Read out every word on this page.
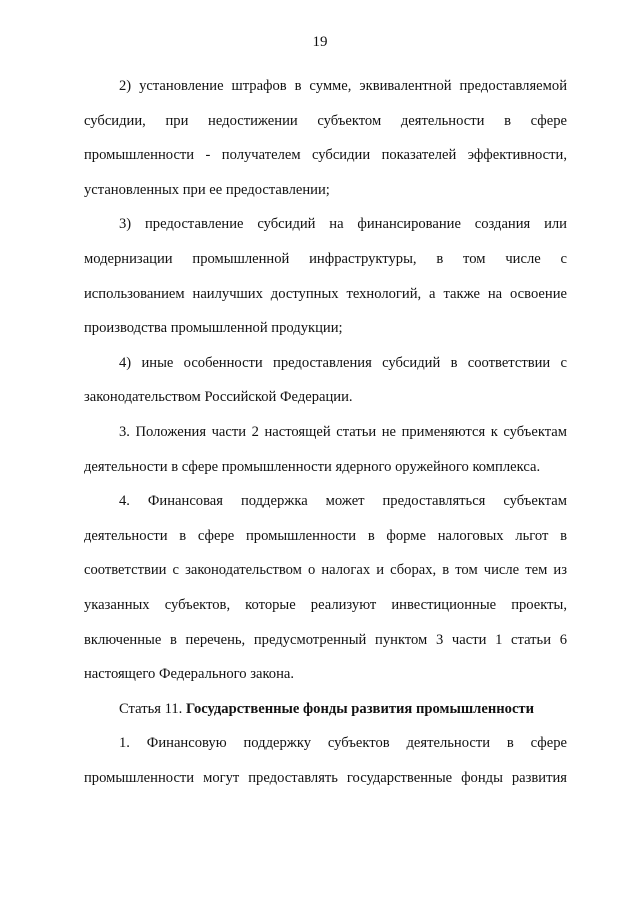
19

2) установление штрафов в сумме, эквивалентной предоставляемой
субсидии, при недостижении субъектом деятельности в сфере
промышленности - получателем субсидии показателей эффективности,
установленных при ее предоставлении;

3) предоставление субсидий на финансирование создания или
модернизации промышленной инфраструктуры, в том числе с
использованием наилучших доступных технологий, а также на освоение
производства промышленной продукции;

4) иные особенности предоставления субсидий в соответствии с
законодательством Российской Федерации.

3. Положения части 2 настоящей статьи не применяются к субъектам
деятельности в сфере промышленности ядерного оружейного комплекса.

4. Финансовая поддержка может предоставляться субъектам
деятельности в сфере промышленности в форме налоговых льгот в
соответствии с законодательством о налогах и сборах, в том числе тем из
указанных субъектов, которые реализуют инвестиционные проекты,
включенные в перечень, предусмотренный пунктом 3 части 1 статьи 6
настоящего Федерального закона.

Статья 11. Государственные фонды развития промышленности

1. Финансовую поддержку субъектов деятельности в сфере
промышленности могут предоставлять государственные фонды развития
